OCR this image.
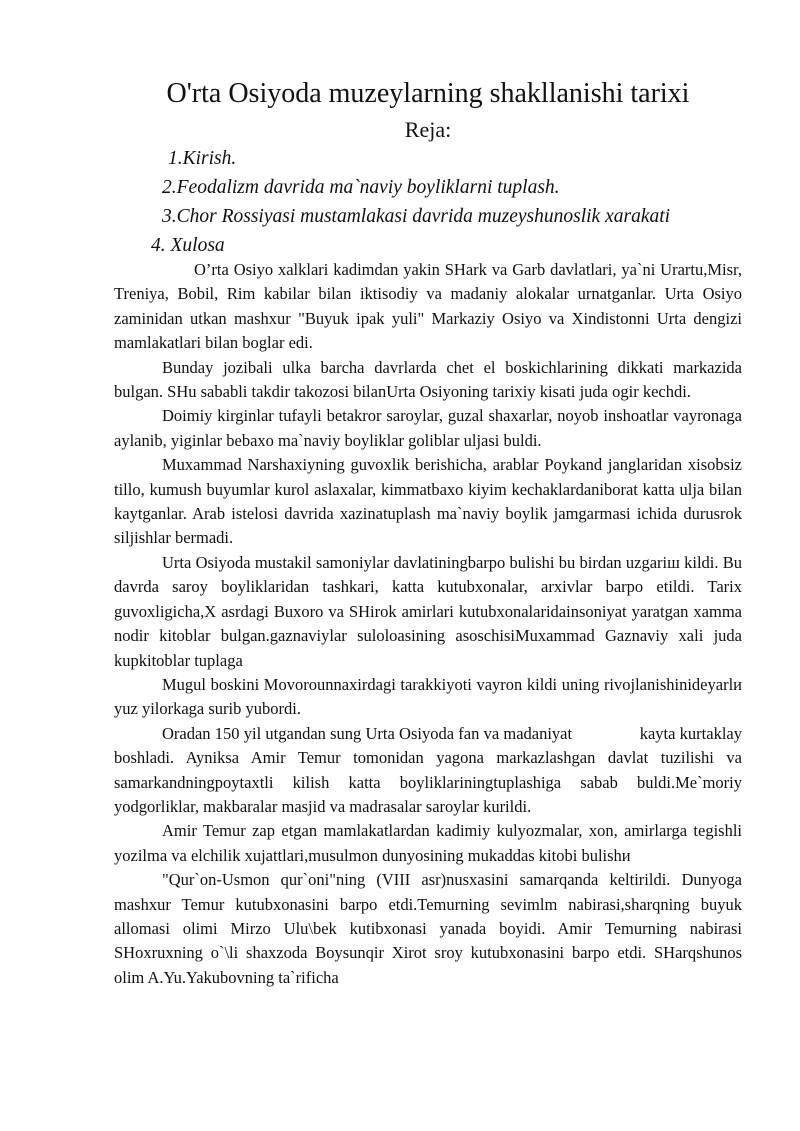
O'rta Osiyoda muzeylarning shakllanishi tarixi
Reja:
1.Kirish.
2.Feodalizm davrida ma`naviy boyliklarni tuplash.
3.Chor Rossiyasi mustamlakasi davrida muzeyshunoslik xarakati
4. Xulosa

O’rta Osiyo xalklari kadimdan yakin SHark va Garb davlatlari, ya`ni Urartu,Misr, Treniya, Bobil, Rim kabilar bilan iktisodiy va madaniy alokalar urnatganlar. Urta Osiyo zaminidan utkan mashxur "Buyuk ipak yuli" Markaziy Osiyo va Xindistonni Urta dengizi mamlakatlari bilan boglar edi.

Bunday jozibali ulka barcha davrlarda chet el boskichlarining dikkati markazida bulgan. SHu sababli takdir takozosi bilanUrta Osiyoning tarixiy kisati juda ogir kechdi.

Doimiy kirginlar tufayli betakror saroylar, guzal shaxarlar, noyob inshoatlar vayronaga aylanib, yiginlar bebaxo ma`naviy boyliklar goliblar uljasi buldi.

Muxammad Narshaxiyning guvoxlik berishicha, arablar Poykand janglaridan xisobsiz tillo, kumush buyumlar kurol aslaxalar, kimmatbaxo kiyim kechaklardaniborat katta ulja bilan kaytganlar. Arab istelosi davrida xazinatuplash ma`naviy boylik jamgarmasi ichida durusrok siljishlar bermadi.

Urta Osiyoda mustakil samoniylar davlatiningbarpo bulishi bu birdan uzgariш kildi. Bu davrda saroy boyliklaridan tashkari, katta kutubxonalar, arxivlar barpo etildi. Tarix guvoxligicha,X asrdagi Buxoro va SHirok amirlari kutubxonalaridainsoniyat yaratgan xamma nodir kitoblar bulgan.gaznaviylar suloloasining asoschisiMuxammad Gaznaviy xali juda kupkitoblar tuplaga

Mugul boskini Movorounnaxirdagi tarakkiyoti vayron kildi uning rivojlanishinideyarlи yuz yilorkaga surib yubordi.

Oradan 150 yil utgandan sung Urta Osiyoda fan va madaniyat                kayta kurtaklay boshladi. Ayniksa Amir Temur tomonidan yagona markazlashgan davlat tuzilishi va samarkandningpoytaxtli kilish katta boyliklariningtuplashiga sabab buldi.Me`moriy yodgorliklar, makbaralar masjid va madrasalar saroylar kurildi.

Amir Temur zap etgan mamlakatlardan kadimiy kulyozmalar, xon, amirlarga tegishli yozilma va elchilik xujattlari,musulmon dunyosining mukaddas kitobi bulishи

"Qur`on-Usmon qur`oni"ning (VIII asr)nusxasini samarqanda keltirildi. Dunyoga mashxur Temur kutubxonasini barpo etdi.Temurning sevimlm nabirasi,sharqning buyuk allomasi olimi Mirzo Ulu\bek kutibxonasi yanada boyidi. Amir Temurning nabirasi SHoxruxning o`\li shaxzoda Boysunqir Xirot sroy kutubxonasini barpo etdi. SHarqshunos olim A.Yu.Yakubovning ta`rificha
